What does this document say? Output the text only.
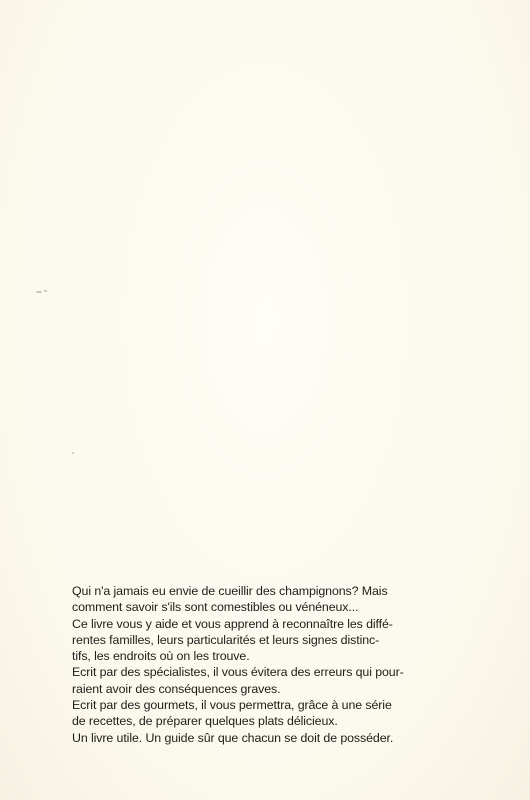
Qui n'a jamais eu envie de cueillir des champignons? Mais
comment savoir s'ils sont comestibles ou vénéneux...
Ce livre vous y aide et vous apprend à reconnaître les diffé-
rentes familles, leurs particularités et leurs signes distinc-
tifs, les endroits où on les trouve.
Ecrit par des spécialistes, il vous évitera des erreurs qui pour-
raient avoir des conséquences graves.
Ecrit par des gourmets, il vous permettra, grâce à une série
de recettes, de préparer quelques plats délicieux.
Un livre utile. Un guide sûr que chacun se doit de posséder.
